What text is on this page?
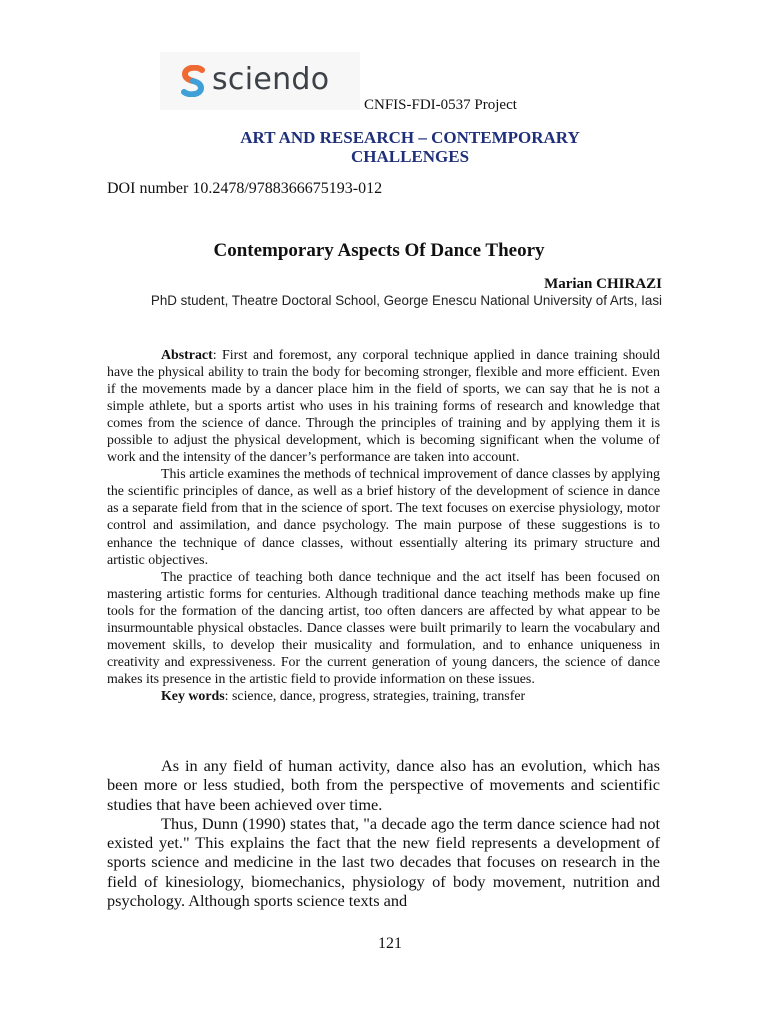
sciendo
CNFIS-FDI-0537 Project
ART AND RESEARCH – CONTEMPORARY CHALLENGES
DOI number 10.2478/9788366675193-012
Contemporary Aspects Of Dance Theory
Marian CHIRAZI
PhD student, Theatre Doctoral School, George Enescu National University of Arts, Iasi

Abstract: First and foremost, any corporal technique applied in dance training should have the physical ability to train the body for becoming stronger, flexible and more efficient. Even if the movements made by a dancer place him in the field of sports, we can say that he is not a simple athlete, but a sports artist who uses in his training forms of research and knowledge that comes from the science of dance. Through the principles of training and by applying them it is possible to adjust the physical development, which is becoming significant when the volume of work and the intensity of the dancer’s performance are taken into account.

This article examines the methods of technical improvement of dance classes by applying the scientific principles of dance, as well as a brief history of the development of science in dance as a separate field from that in the science of sport. The text focuses on exercise physiology, motor control and assimilation, and dance psychology. The main purpose of these suggestions is to enhance the technique of dance classes, without essentially altering its primary structure and artistic objectives.

The practice of teaching both dance technique and the act itself has been focused on mastering artistic forms for centuries. Although traditional dance teaching methods make up fine tools for the formation of the dancing artist, too often dancers are affected by what appear to be insurmountable physical obstacles. Dance classes were built primarily to learn the vocabulary and movement skills, to develop their musicality and formulation, and to enhance uniqueness in creativity and expressiveness. For the current generation of young dancers, the science of dance makes its presence in the artistic field to provide information on these issues.

Key words: science, dance, progress, strategies, training, transfer

As in any field of human activity, dance also has an evolution, which has been more or less studied, both from the perspective of movements and scientific studies that have been achieved over time.

Thus, Dunn (1990) states that, "a decade ago the term dance science had not existed yet." This explains the fact that the new field represents a development of sports science and medicine in the last two decades that focuses on research in the field of kinesiology, biomechanics, physiology of body movement, nutrition and psychology. Although sports science texts and

121
